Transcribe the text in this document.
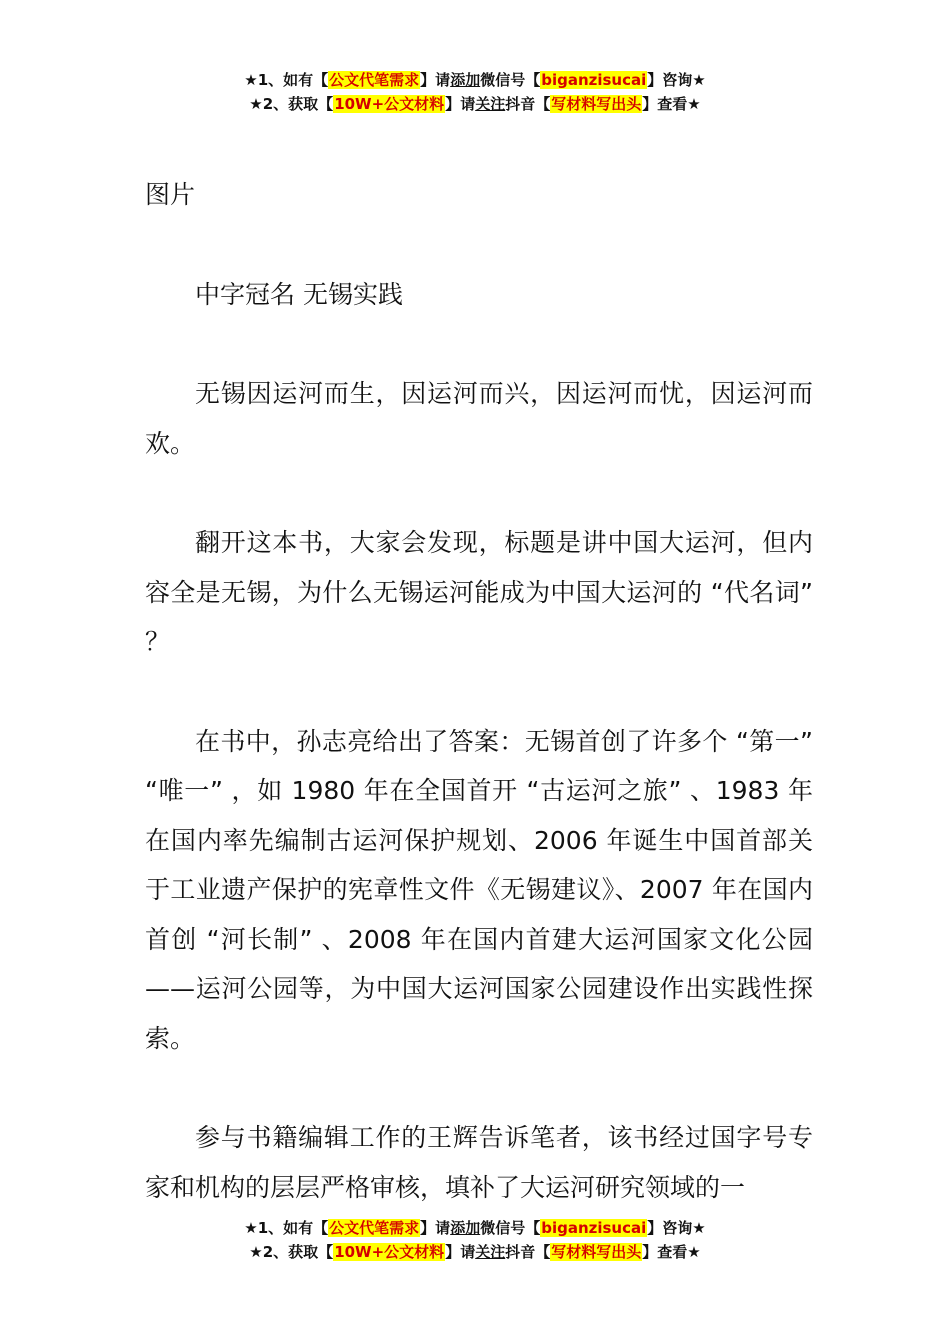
★1、如有【公文代笔需求】请添加微信号【biganzisucai】咨询★
★2、获取【10W+公文材料】请关注抖音【写材料写出头】查看★

图片

中字冠名 无锡实践

无锡因运河而生，因运河而兴，因运河而忧，因运河而欢。

翻开这本书，大家会发现，标题是讲中国大运河，但内容全是无锡，为什么无锡运河能成为中国大运河的 “代名词” ？

在书中，孙志亮给出了答案：无锡首创了许多个 “第一” “唯一” ，如 1980 年在全国首开 “古运河之旅” 、1983 年在国内率先编制古运河保护规划、2006 年诞生中国首部关于工业遗产保护的宪章性文件《无锡建议》、2007 年在国内首创 “河长制” 、2008 年在国内首建大运河国家文化公园——运河公园等，为中国大运河国家公园建设作出实践性探索。

参与书籍编辑工作的王辉告诉笔者，该书经过国字号专家和机构的层层严格审核，填补了大运河研究领域的一

★1、如有【公文代笔需求】请添加微信号【biganzisucai】咨询★
★2、获取【10W+公文材料】请关注抖音【写材料写出头】查看★
